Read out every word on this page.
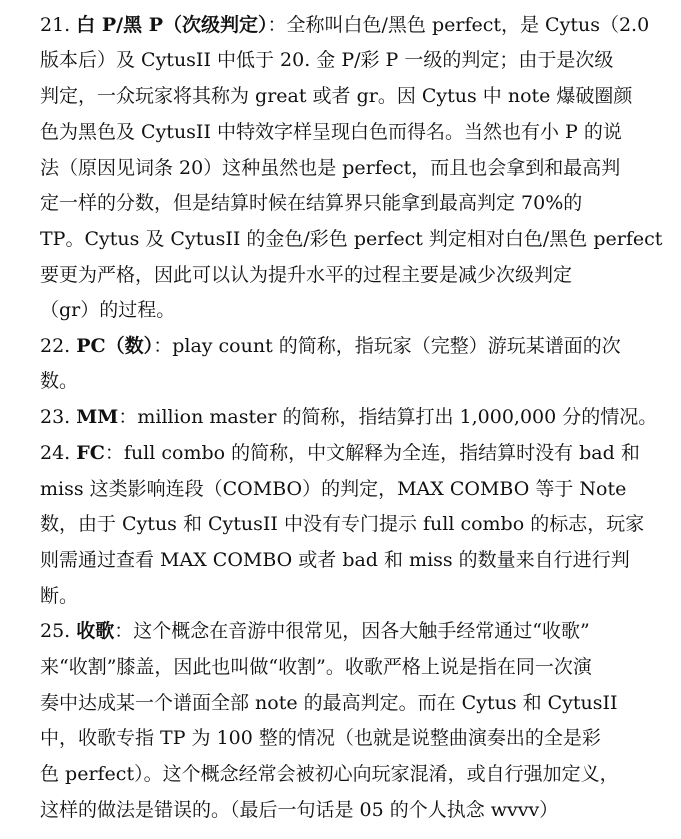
21. 白 P/黑 P（次级判定）：全称叫白色/黑色 perfect，是 Cytus（2.0
版本后）及 CytusII 中低于 20. 金 P/彩 P 一级的判定；由于是次级
判定，一众玩家将其称为 great 或者 gr。因 Cytus 中 note 爆破圈颜
色为黑色及 CytusII 中特效字样呈现白色而得名。当然也有小 P 的说
法（原因见词条 20）这种虽然也是 perfect，而且也会拿到和最高判
定一样的分数，但是结算时候在结算界只能拿到最高判定 70%的
TP。Cytus 及 CytusII 的金色/彩色 perfect 判定相对白色/黑色 perfect
要更为严格，因此可以认为提升水平的过程主要是减少次级判定
（gr）的过程。
22. PC（数）：play count 的简称，指玩家（完整）游玩某谱面的次
数。
23. MM：million master 的简称，指结算打出 1,000,000 分的情况。
24. FC：full combo 的简称，中文解释为全连，指结算时没有 bad 和
miss 这类影响连段（COMBO）的判定，MAX COMBO 等于 Note
数，由于 Cytus 和 CytusII 中没有专门提示 full combo 的标志，玩家
则需通过查看 MAX COMBO 或者 bad 和 miss 的数量来自行进行判
断。
25. 收歌：这个概念在音游中很常见，因各大触手经常通过“收歌”
来“收割”膝盖，因此也叫做“收割”。收歌严格上说是指在同一次演
奏中达成某一个谱面全部 note 的最高判定。而在 Cytus 和 CytusII
中，收歌专指 TP 为 100 整的情况（也就是说整曲演奏出的全是彩
色 perfect）。这个概念经常会被初心向玩家混淆，或自行强加定义，
这样的做法是错误的。（最后一句话是 05 的个人执念 wvvv）
